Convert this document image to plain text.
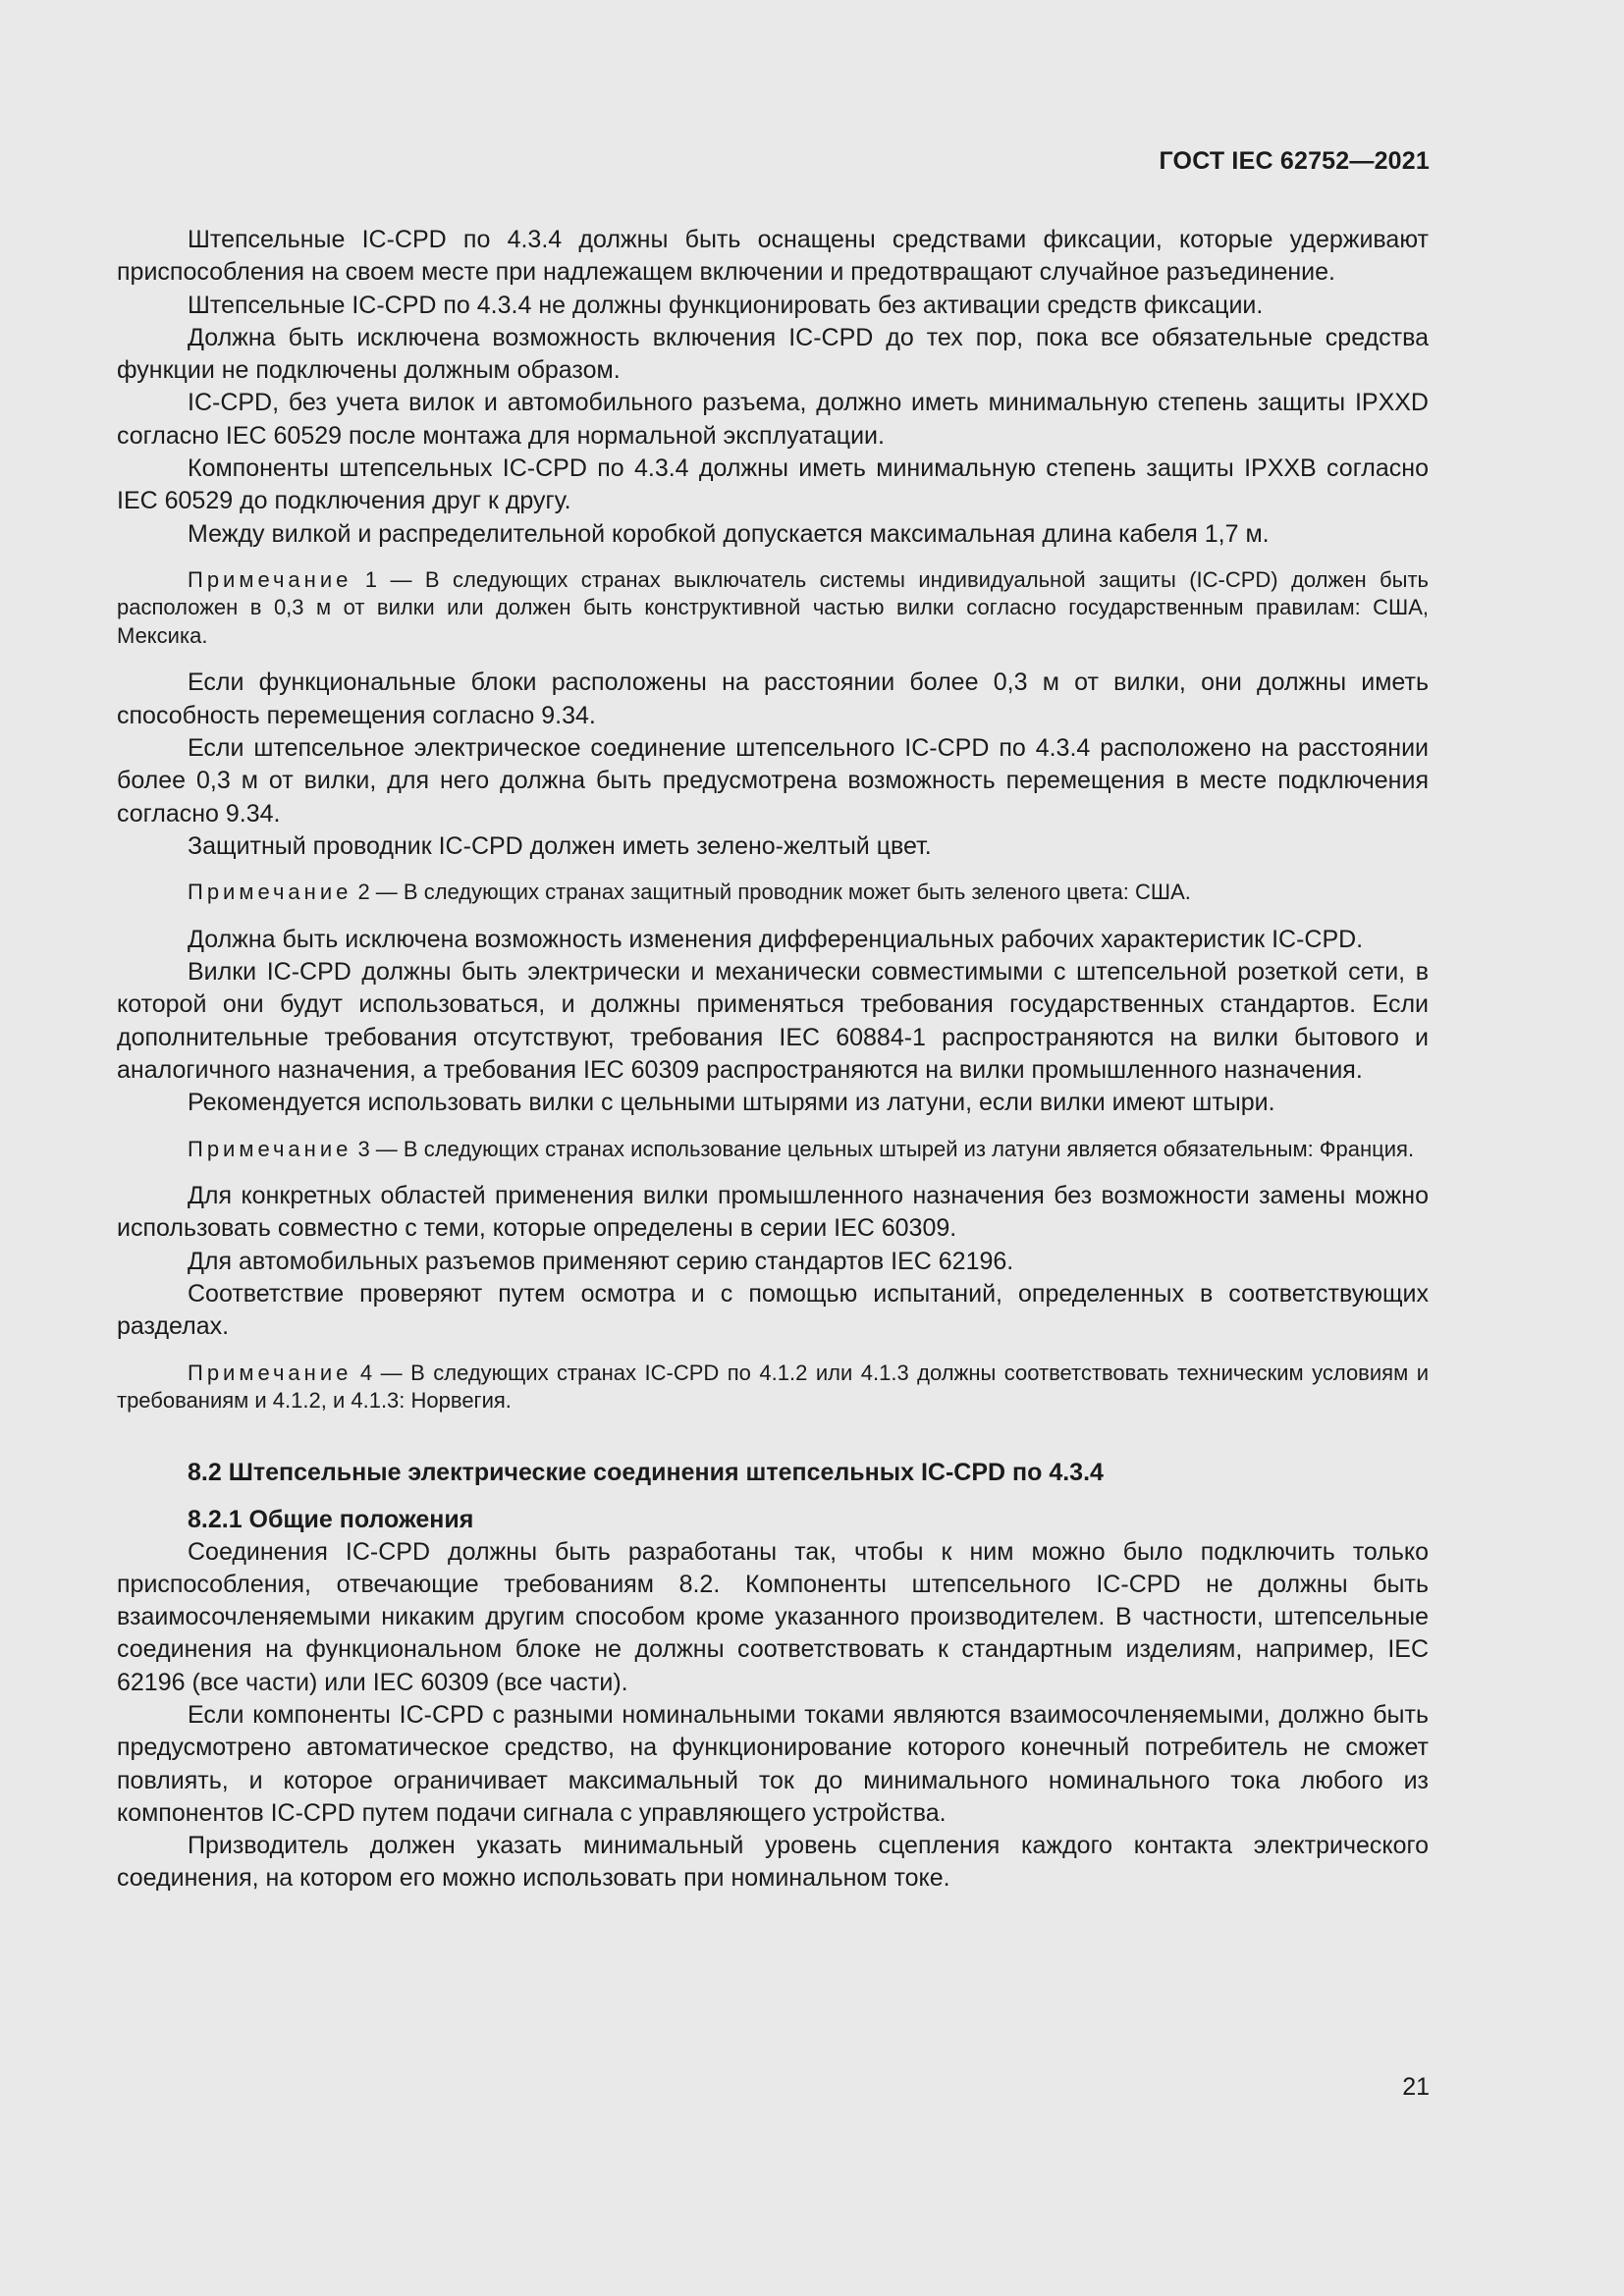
ГОСТ IEC 62752—2021

Штепсельные IC-CPD по 4.3.4 должны быть оснащены средствами фиксации, которые удерживают приспособления на своем месте при надлежащем включении и предотвращают случайное разъединение.

Штепсельные IC-CPD по 4.3.4 не должны функционировать без активации средств фиксации.

Должна быть исключена возможность включения IC-CPD до тех пор, пока все обязательные средства функции не подключены должным образом.

IC-CPD, без учета вилок и автомобильного разъема, должно иметь минимальную степень защиты IPXXD согласно IEC 60529 после монтажа для нормальной эксплуатации.

Компоненты штепсельных IC-CPD по 4.3.4 должны иметь минимальную степень защиты IPXXB согласно IEC 60529 до подключения друг к другу.

Между вилкой и распределительной коробкой допускается максимальная длина кабеля 1,7 м.

Примечание 1 — В следующих странах выключатель системы индивидуальной защиты (IC-CPD) должен быть расположен в 0,3 м от вилки или должен быть конструктивной частью вилки согласно государственным правилам: США, Мексика.

Если функциональные блоки расположены на расстоянии более 0,3 м от вилки, они должны иметь способность перемещения согласно 9.34.

Если штепсельное электрическое соединение штепсельного IC-CPD по 4.3.4 расположено на расстоянии более 0,3 м от вилки, для него должна быть предусмотрена возможность перемещения в месте подключения согласно 9.34.

Защитный проводник IC-CPD должен иметь зелено-желтый цвет.

Примечание 2 — В следующих странах защитный проводник может быть зеленого цвета: США.

Должна быть исключена возможность изменения дифференциальных рабочих характеристик IC-CPD.

Вилки IC-CPD должны быть электрически и механически совместимыми с штепсельной розеткой сети, в которой они будут использоваться, и должны применяться требования государственных стандартов. Если дополнительные требования отсутствуют, требования IEC 60884-1 распространяются на вилки бытового и аналогичного назначения, а требования IEC 60309 распространяются на вилки промышленного назначения.

Рекомендуется использовать вилки с цельными штырями из латуни, если вилки имеют штыри.

Примечание 3 — В следующих странах использование цельных штырей из латуни является обязательным: Франция.

Для конкретных областей применения вилки промышленного назначения без возможности замены можно использовать совместно с теми, которые определены в серии IEC 60309.

Для автомобильных разъемов применяют серию стандартов IEC 62196.

Соответствие проверяют путем осмотра и с помощью испытаний, определенных в соответствующих разделах.

Примечание 4 — В следующих странах IC-CPD по 4.1.2 или 4.1.3 должны соответствовать техническим условиям и требованиям и 4.1.2, и 4.1.3: Норвегия.

8.2 Штепсельные электрические соединения штепсельных IC-CPD по 4.3.4

8.2.1 Общие положения

Соединения IC-CPD должны быть разработаны так, чтобы к ним можно было подключить только приспособления, отвечающие требованиям 8.2. Компоненты штепсельного IC-CPD не должны быть взаимосочленяемыми никаким другим способом кроме указанного производителем. В частности, штепсельные соединения на функциональном блоке не должны соответствовать к стандартным изделиям, например, IEC 62196 (все части) или IEC 60309 (все части).

Если компоненты IC-CPD с разными номинальными токами являются взаимосочленяемыми, должно быть предусмотрено автоматическое средство, на функционирование которого конечный потребитель не сможет повлиять, и которое ограничивает максимальный ток до минимального номинального тока любого из компонентов IC-CPD путем подачи сигнала с управляющего устройства.

Призводитель должен указать минимальный уровень сцепления каждого контакта электрического соединения, на котором его можно использовать при номинальном токе.

21
